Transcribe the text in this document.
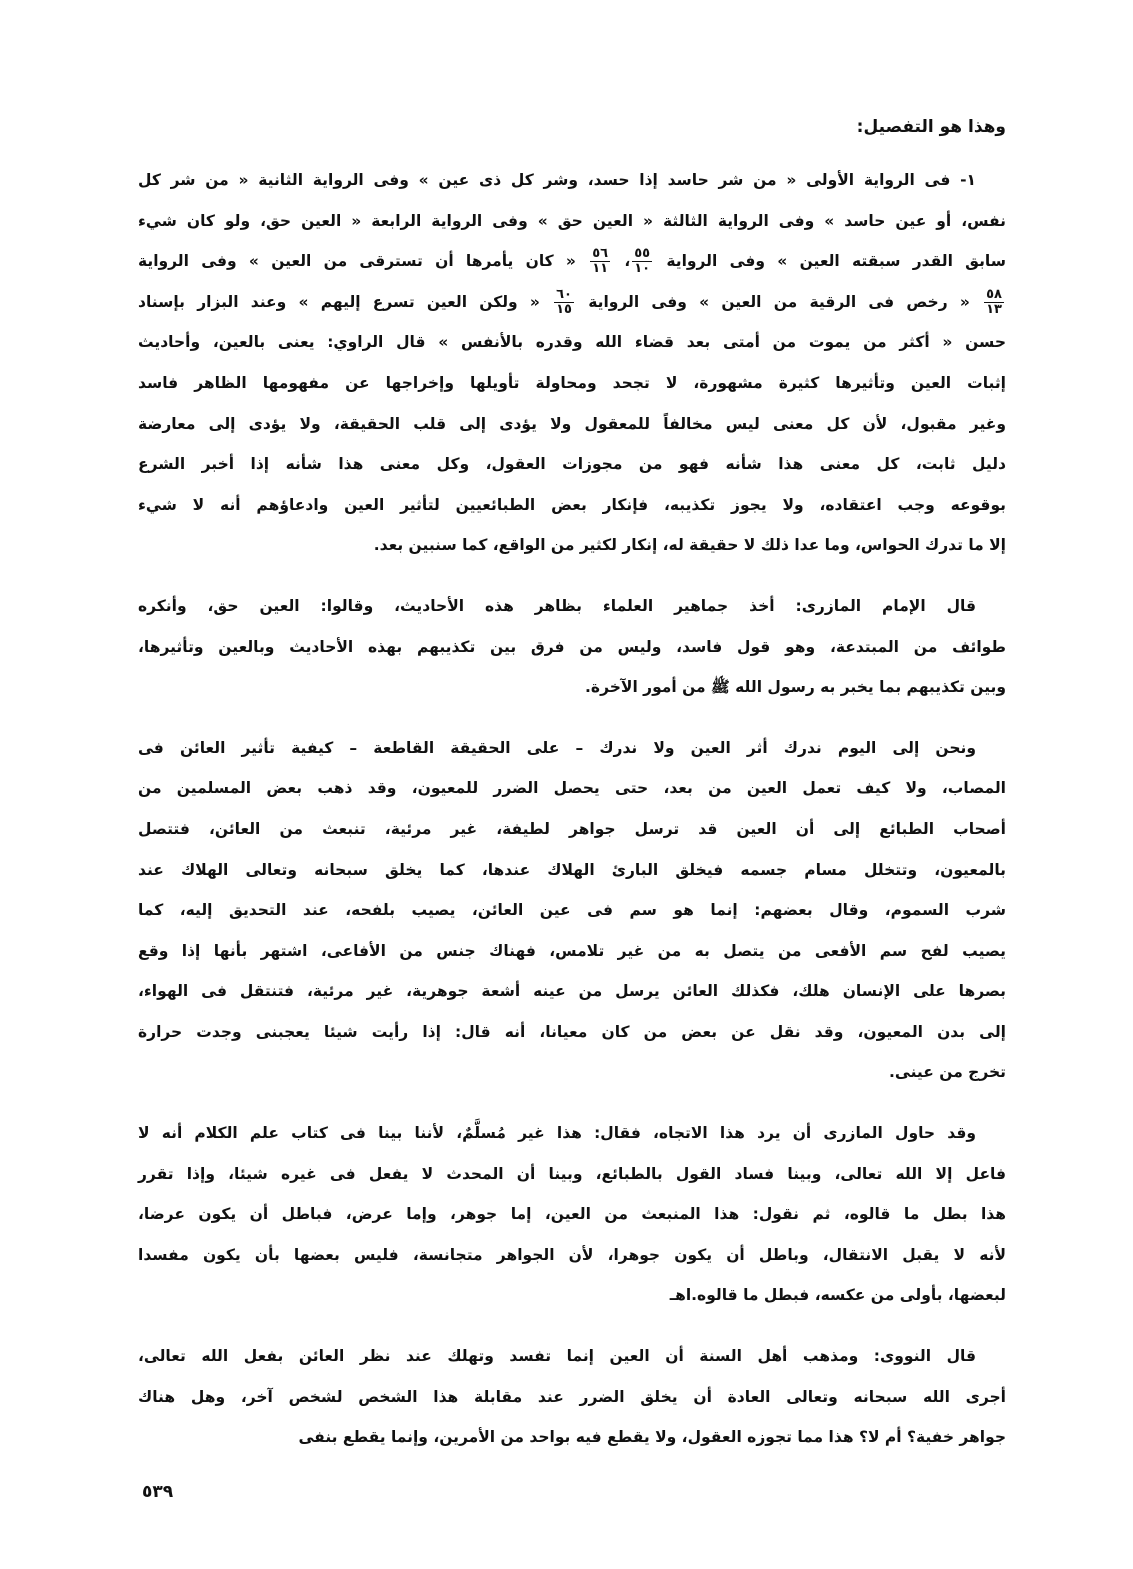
وهذا هو التفصيل:
١- فى الرواية الأولى « من شر حاسد إذا حسد، وشر كل ذى عين » وفى الرواية الثانية « من شر كل
نفس، أو عين حاسد » وفى الرواية الثالثة « العين حق » وفى الرواية الرابعة « العين حق، ولو كان شيء
سابق القدر سبقته العين » وفى الرواية
$\frac{٥٥}{١٠}$
،
$\frac{٥٦}{١١}$
« كان يأمرها أن تسترقى من العين » وفى الرواية
$\frac{٥٨}{١٣}$
« رخص فى الرقية من العين » وفى الرواية
$\frac{٦٠}{١٥}$
« ولكن العين تسرع إليهم » وعند البزار بإسناد
حسن « أكثر من يموت من أمتى بعد قضاء الله وقدره بالأنفس » قال الراوي: يعنى بالعين، وأحاديث
إثبات العين وتأثيرها كثيرة مشهورة، لا تجحد ومحاولة تأويلها وإخراجها عن مفهومها الظاهر فاسد
وغير مقبول، لأن كل معنى ليس مخالفاً للمعقول ولا يؤدى إلى قلب الحقيقة، ولا يؤدى إلى معارضة
دليل ثابت، كل معنى هذا شأنه فهو من مجوزات العقول، وكل معنى هذا شأنه إذا أخبر الشرع
بوقوعه وجب اعتقاده، ولا يجوز تكذيبه، فإنكار بعض الطبائعيين لتأثير العين وادعاؤهم أنه لا شيء
إلا ما تدرك الحواس، وما عدا ذلك لا حقيقة له، إنكار لكثير من الواقع، كما سنبين بعد.
قال الإمام المازرى: أخذ جماهير العلماء بظاهر هذه الأحاديث، وقالوا: العين حق، وأنكره
طوائف من المبتدعة، وهو قول فاسد، وليس من فرق بين تكذيبهم بهذه الأحاديث وبالعين وتأثيرها،
وبين تكذيبهم بما يخبر به رسول الله ﷺ من أمور الآخرة.
ونحن إلى اليوم ندرك أثر العين ولا ندرك – على الحقيقة القاطعة – كيفية تأثير العائن فى
المصاب، ولا كيف تعمل العين من بعد، حتى يحصل الضرر للمعيون، وقد ذهب بعض المسلمين من
أصحاب الطبائع إلى أن العين قد ترسل جواهر لطيفة، غير مرئية، تنبعث من العائن، فتتصل
بالمعيون، وتتخلل مسام جسمه فيخلق البارئ الهلاك عندها، كما يخلق سبحانه وتعالى الهلاك عند
شرب السموم، وقال بعضهم: إنما هو سم فى عين العائن، يصيب بلفحه، عند التحديق إليه، كما
يصيب لفح سم الأفعى من يتصل به من غير تلامس، فهناك جنس من الأفاعى، اشتهر بأنها إذا وقع
بصرها على الإنسان هلك، فكذلك العائن يرسل من عينه أشعة جوهرية، غير مرئية، فتنتقل فى الهواء،
إلى بدن المعيون، وقد نقل عن بعض من كان معيانا، أنه قال: إذا رأيت شيئا يعجبنى وجدت حرارة
تخرج من عينى.
وقد حاول المازرى أن يرد هذا الاتجاه، فقال: هذا غير مُسلَّمٌ، لأننا بينا فى كتاب علم الكلام أنه لا
فاعل إلا الله تعالى، وبينا فساد القول بالطبائع، وبينا أن المحدث لا يفعل فى غيره شيئا، وإذا تقرر
هذا بطل ما قالوه، ثم نقول: هذا المنبعث من العين، إما جوهر، وإما عرض، فباطل أن يكون عرضا،
لأنه لا يقبل الانتقال، وباطل أن يكون جوهرا، لأن الجواهر متجانسة، فليس بعضها بأن يكون مفسدا
لبعضها، بأولى من عكسه، فبطل ما قالوه.اهـ
قال النووى: ومذهب أهل السنة أن العين إنما تفسد وتهلك عند نظر العائن بفعل الله تعالى،
أجرى الله سبحانه وتعالى العادة أن يخلق الضرر عند مقابلة هذا الشخص لشخص آخر، وهل هناك
جواهر خفية؟ أم لا؟ هذا مما تجوزه العقول، ولا يقطع فيه بواحد من الأمرين، وإنما يقطع بنفى
٥٣٩
